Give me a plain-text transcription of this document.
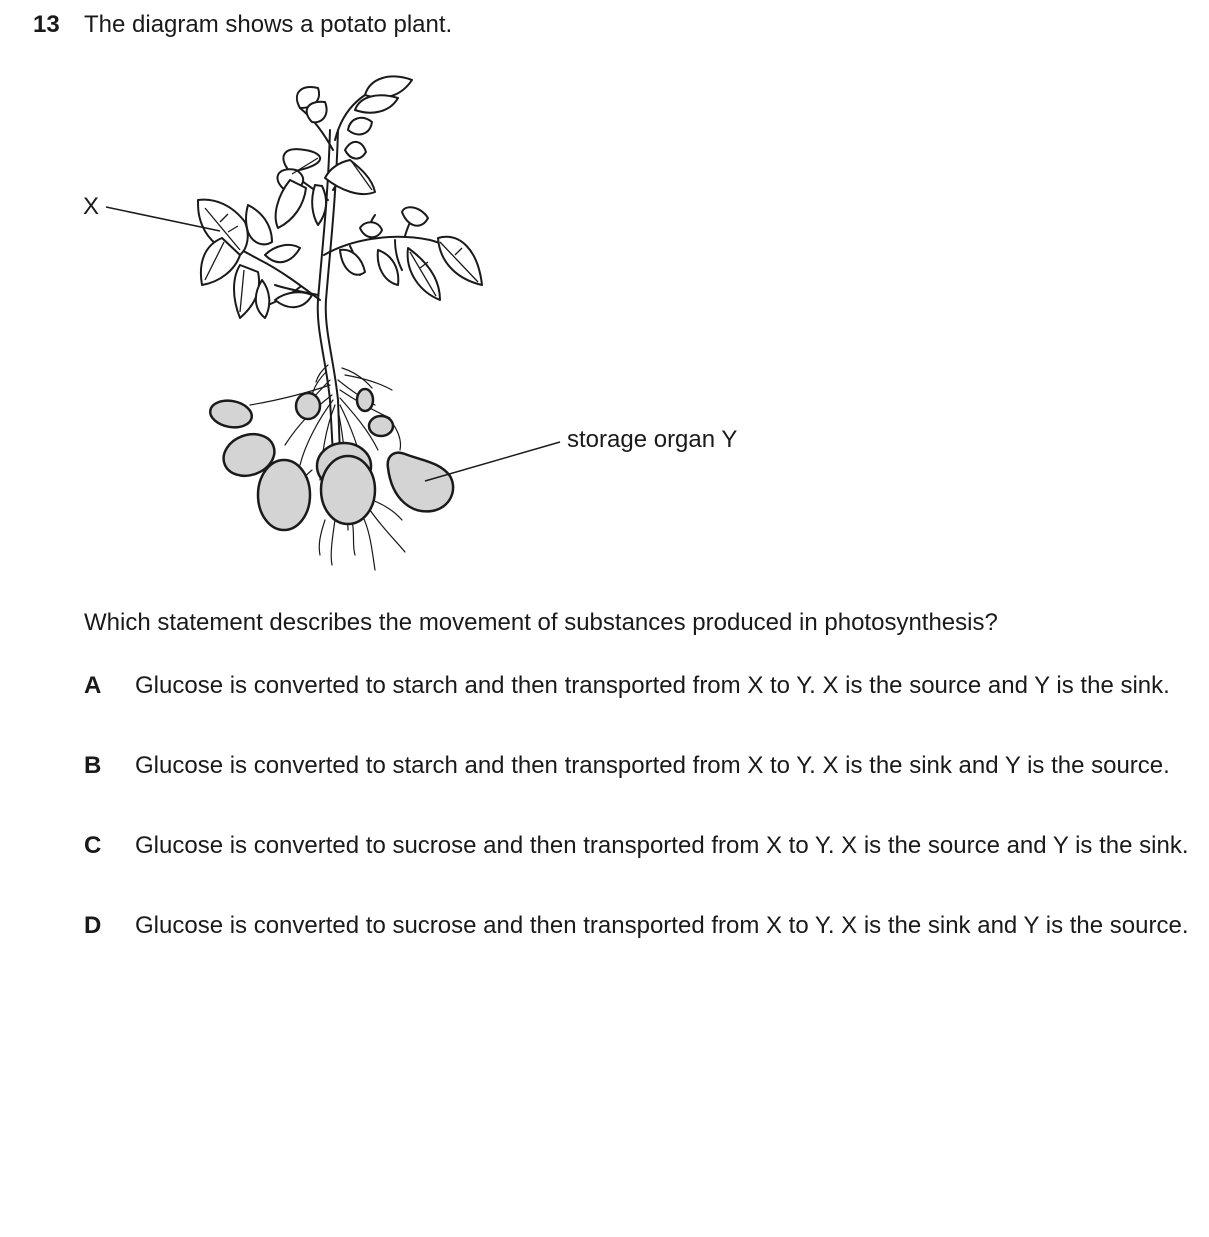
13 The diagram shows a potato plant.
X
storage organ Y
Which statement describes the movement of substances produced in photosynthesis?
A Glucose is converted to starch and then transported from X to Y. X is the source and Y is the sink.
B Glucose is converted to starch and then transported from X to Y. X is the sink and Y is the source.
C Glucose is converted to sucrose and then transported from X to Y. X is the source and Y is the sink.
D Glucose is converted to sucrose and then transported from X to Y. X is the sink and Y is the source.
